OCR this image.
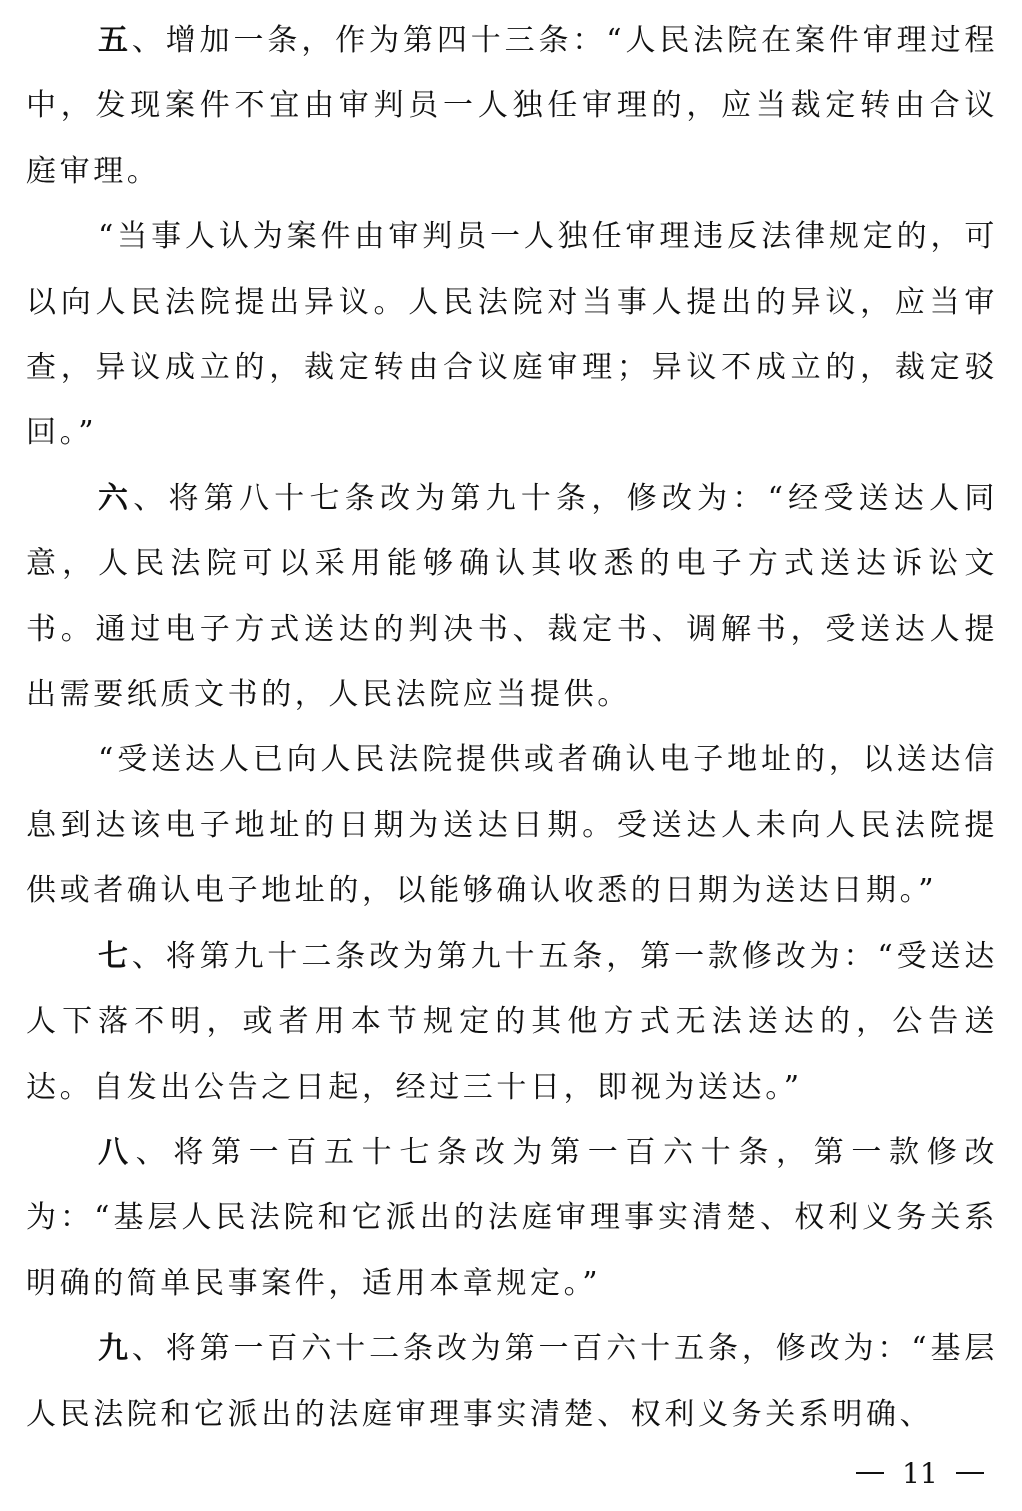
五、增加一条，作为第四十三条：“人民法院在案件审理过程中，发现案件不宜由审判员一人独任审理的，应当裁定转由合议庭审理。

“当事人认为案件由审判员一人独任审理违反法律规定的，可以向人民法院提出异议。人民法院对当事人提出的异议，应当审查，异议成立的，裁定转由合议庭审理；异议不成立的，裁定驳回。”

六、将第八十七条改为第九十条，修改为：“经受送达人同意，人民法院可以采用能够确认其收悉的电子方式送达诉讼文书。通过电子方式送达的判决书、裁定书、调解书，受送达人提出需要纸质文书的，人民法院应当提供。

“受送达人已向人民法院提供或者确认电子地址的，以送达信息到达该电子地址的日期为送达日期。受送达人未向人民法院提供或者确认电子地址的，以能够确认收悉的日期为送达日期。”

七、将第九十二条改为第九十五条，第一款修改为：“受送达人下落不明，或者用本节规定的其他方式无法送达的，公告送达。自发出公告之日起，经过三十日，即视为送达。”

八、将第一百五十七条改为第一百六十条，第一款修改为：“基层人民法院和它派出的法庭审理事实清楚、权利义务关系明确的简单民事案件，适用本章规定。”

九、将第一百六十二条改为第一百六十五条，修改为：“基层人民法院和它派出的法庭审理事实清楚、权利义务关系明确、

11
